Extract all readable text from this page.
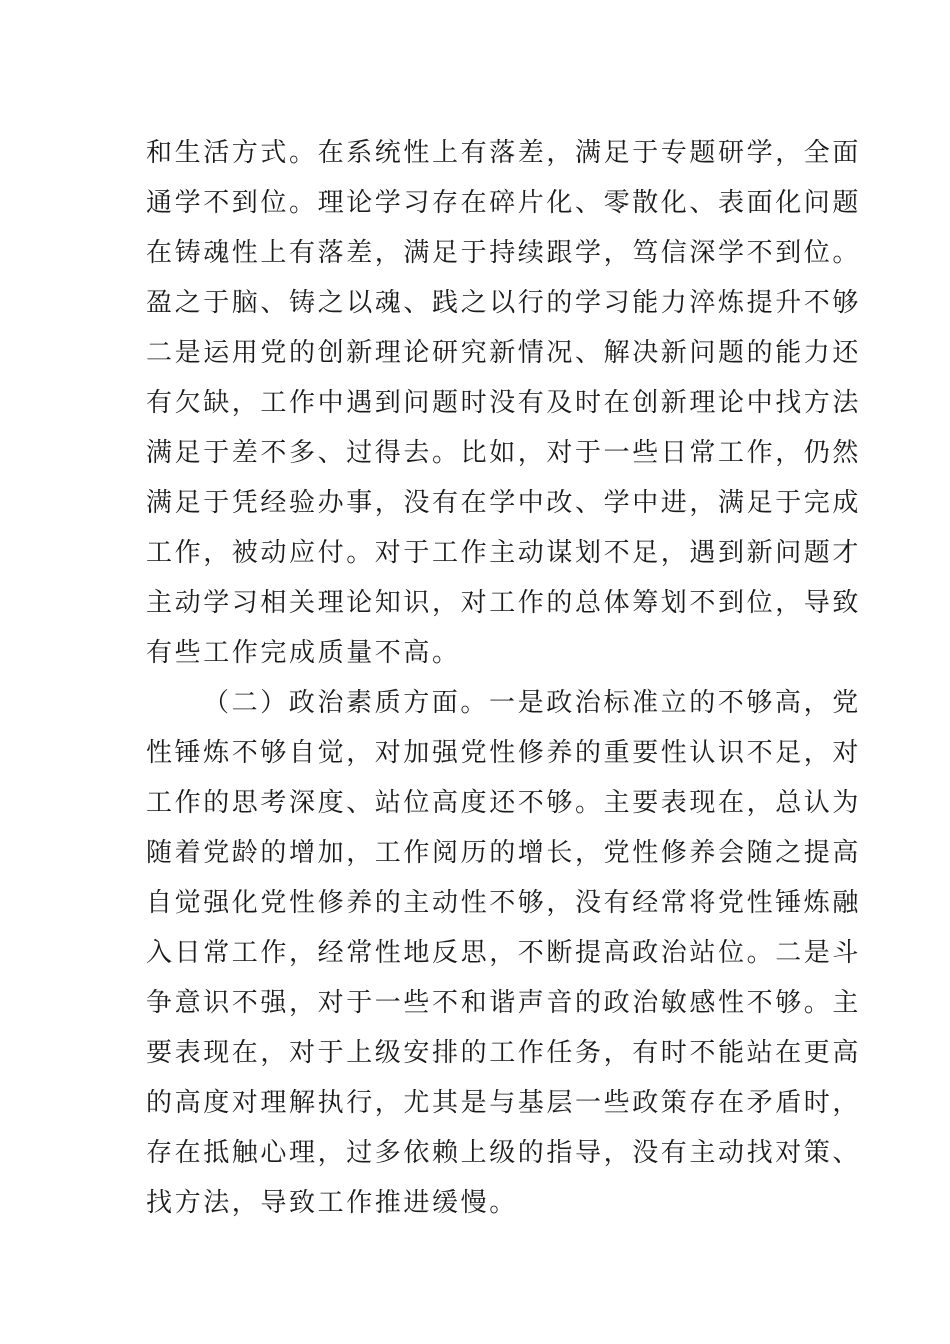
和生活方式。在系统性上有落差，满足于专题研学，全面
通学不到位。理论学习存在碎片化、零散化、表面化问题
在铸魂性上有落差，满足于持续跟学，笃信深学不到位。
盈之于脑、铸之以魂、践之以行的学习能力淬炼提升不够
二是运用党的创新理论研究新情况、解决新问题的能力还
有欠缺，工作中遇到问题时没有及时在创新理论中找方法
满足于差不多、过得去。比如，对于一些日常工作，仍然
满足于凭经验办事，没有在学中改、学中进，满足于完成
工作，被动应付。对于工作主动谋划不足，遇到新问题才
主动学习相关理论知识，对工作的总体筹划不到位，导致
有些工作完成质量不高。
（二）政治素质方面。一是政治标准立的不够高，党
性锤炼不够自觉，对加强党性修养的重要性认识不足，对
工作的思考深度、站位高度还不够。主要表现在，总认为
随着党龄的增加，工作阅历的增长，党性修养会随之提高
自觉强化党性修养的主动性不够，没有经常将党性锤炼融
入日常工作，经常性地反思，不断提高政治站位。二是斗
争意识不强，对于一些不和谐声音的政治敏感性不够。主
要表现在，对于上级安排的工作任务，有时不能站在更高
的高度对理解执行，尤其是与基层一些政策存在矛盾时，
存在抵触心理，过多依赖上级的指导，没有主动找对策、
找方法，导致工作推进缓慢。
